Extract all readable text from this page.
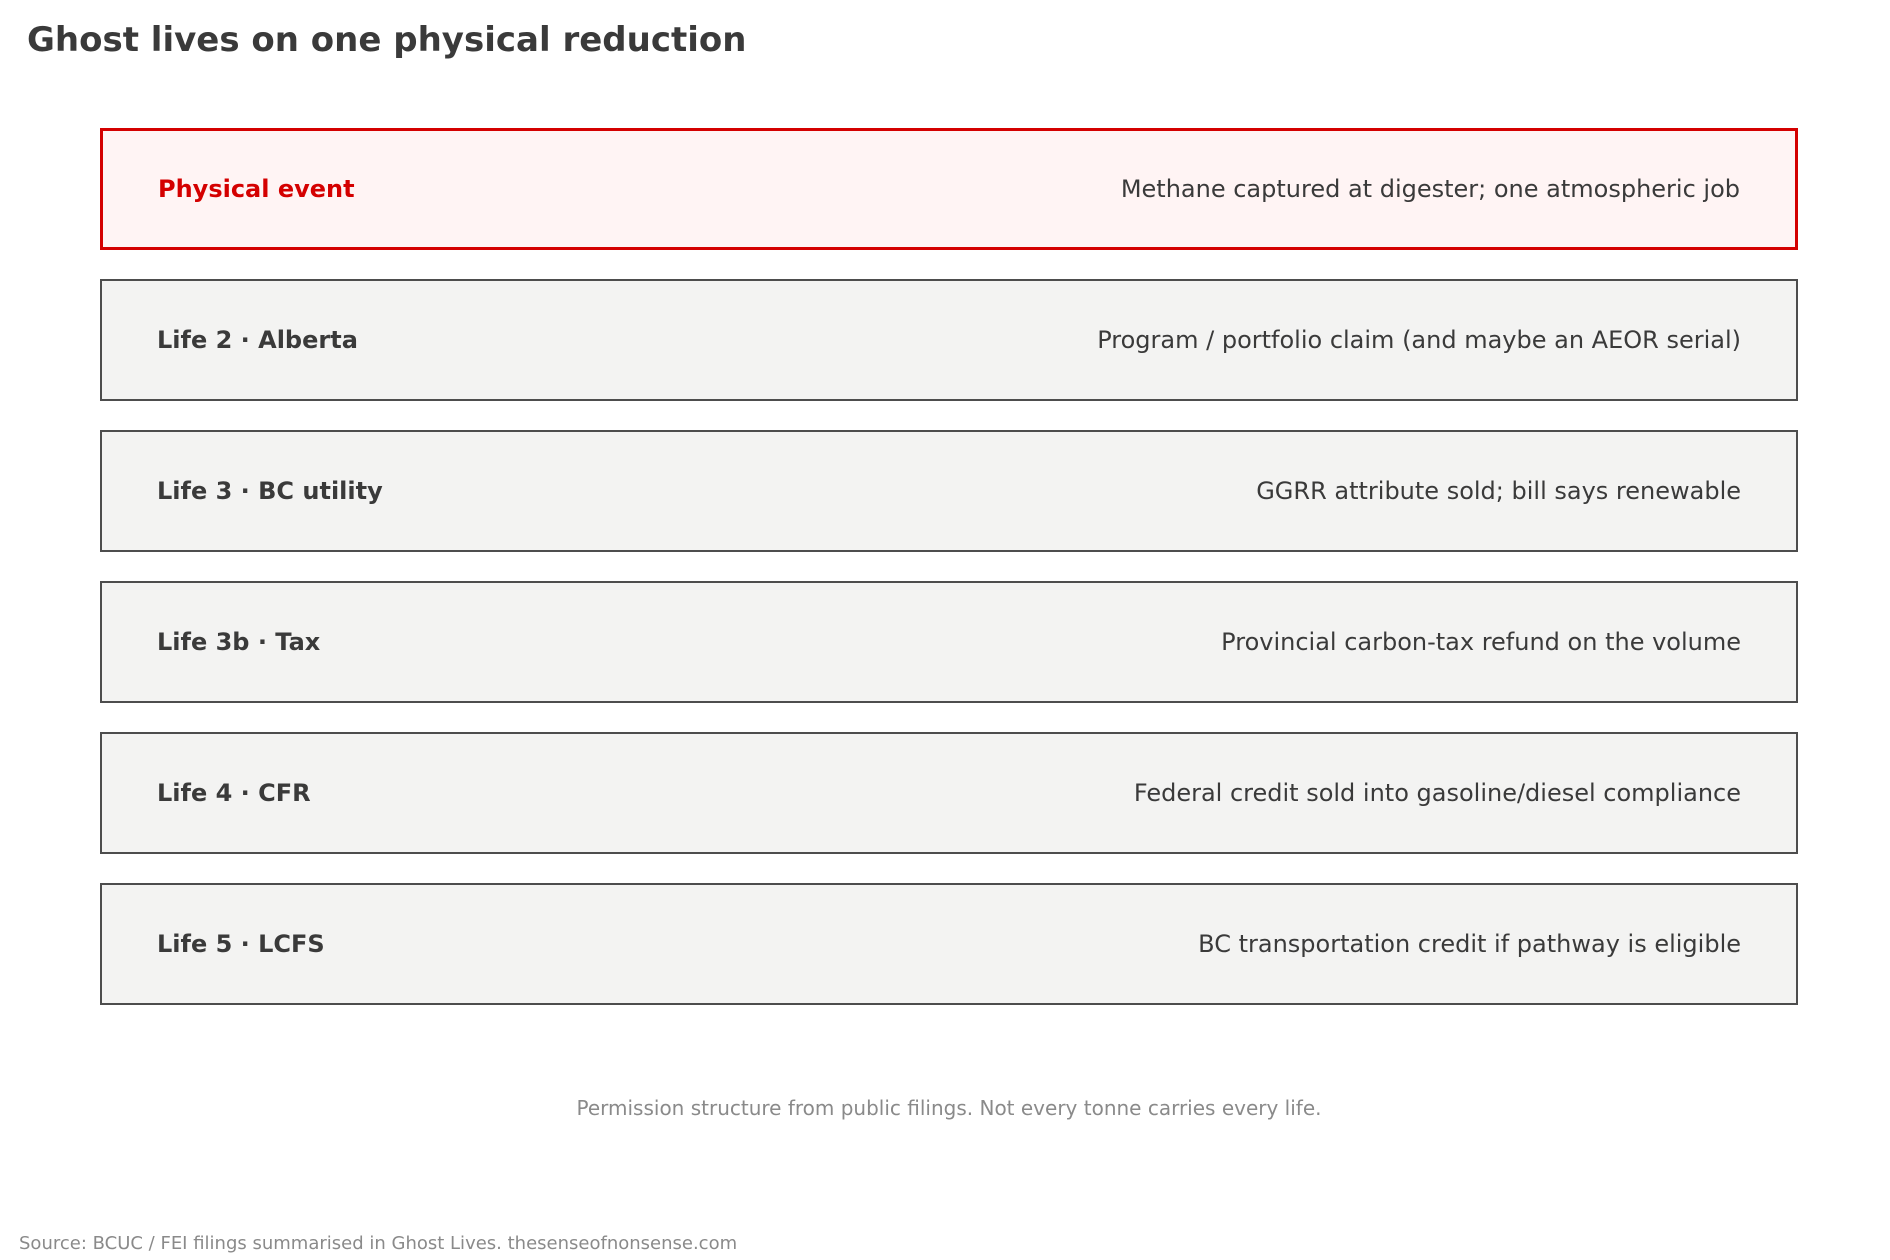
Ghost lives on one physical reduction
Physical event	Methane captured at digester; one atmospheric job
Life 2 · Alberta	Program / portfolio claim (and maybe an AEOR serial)
Life 3 · BC utility	GGRR attribute sold; bill says renewable
Life 3b · Tax	Provincial carbon-tax refund on the volume
Life 4 · CFR	Federal credit sold into gasoline/diesel compliance
Life 5 · LCFS	BC transportation credit if pathway is eligible
Permission structure from public filings. Not every tonne carries every life.
Source: BCUC / FEI filings summarised in Ghost Lives. thesenseofnonsense.com
